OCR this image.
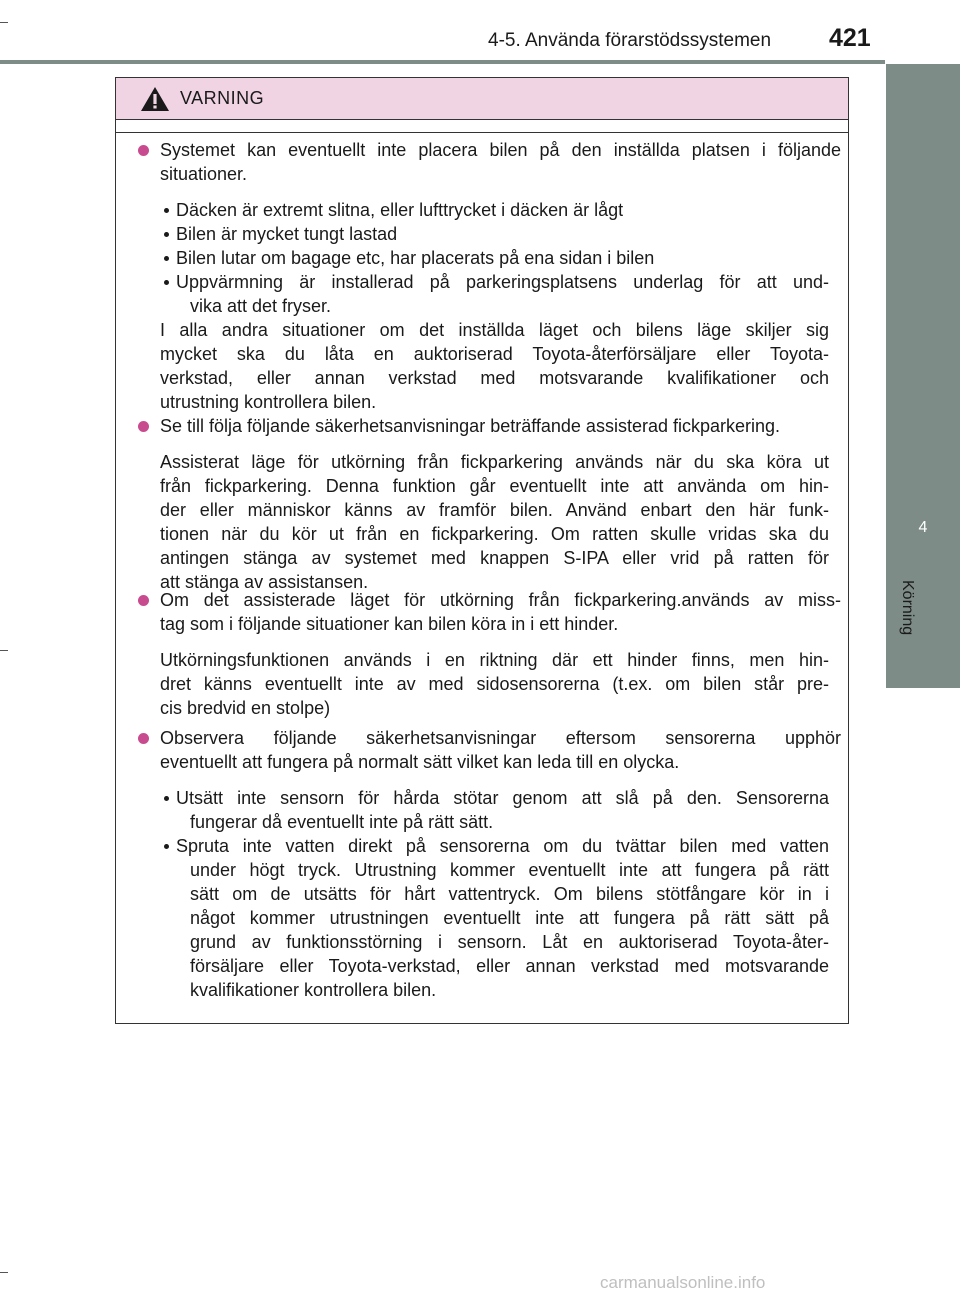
4-5. Använda förarstödssystemen 421
4
Körning
VARNING
Systemet kan eventuellt inte placera bilen på den inställda platsen i följande
situationer.
Däcken är extremt slitna, eller lufttrycket i däcken är lågt
Bilen är mycket tungt lastad
Bilen lutar om bagage etc, har placerats på ena sidan i bilen
Uppvärmning är installerad på parkeringsplatsens underlag för att und-
vika att det fryser.
I alla andra situationer om det inställda läget och bilens läge skiljer sig
mycket ska du låta en auktoriserad Toyota-återförsäljare eller Toyota-
verkstad, eller annan verkstad med motsvarande kvalifikationer och
utrustning kontrollera bilen.
Se till följa följande säkerhetsanvisningar beträffande assisterad fickparkering.
Assisterat läge för utkörning från fickparkering används när du ska köra ut
från fickparkering. Denna funktion går eventuellt inte att använda om hin-
der eller människor känns av framför bilen. Använd enbart den här funk-
tionen när du kör ut från en fickparkering. Om ratten skulle vridas ska du
antingen stänga av systemet med knappen S-IPA eller vrid på ratten för
att stänga av assistansen.
Om det assisterade läget för utkörning från fickparkering.används av miss-
tag som i följande situationer kan bilen köra in i ett hinder.
Utkörningsfunktionen används i en riktning där ett hinder finns, men hin-
dret känns eventuellt inte av med sidosensorerna (t.ex. om bilen står pre-
cis bredvid en stolpe)
Observera följande säkerhetsanvisningar eftersom sensorerna upphör
eventuellt att fungera på normalt sätt vilket kan leda till en olycka.
Utsätt inte sensorn för hårda stötar genom att slå på den. Sensorerna
fungerar då eventuellt inte på rätt sätt.
Spruta inte vatten direkt på sensorerna om du tvättar bilen med vatten
under högt tryck. Utrustning kommer eventuellt inte att fungera på rätt
sätt om de utsätts för hårt vattentryck. Om bilens stötfångare kör in i
något kommer utrustningen eventuellt inte att fungera på rätt sätt på
grund av funktionsstörning i sensorn. Låt en auktoriserad Toyota-åter-
försäljare eller Toyota-verkstad, eller annan verkstad med motsvarande
kvalifikationer kontrollera bilen.
carmanualsonline.info
